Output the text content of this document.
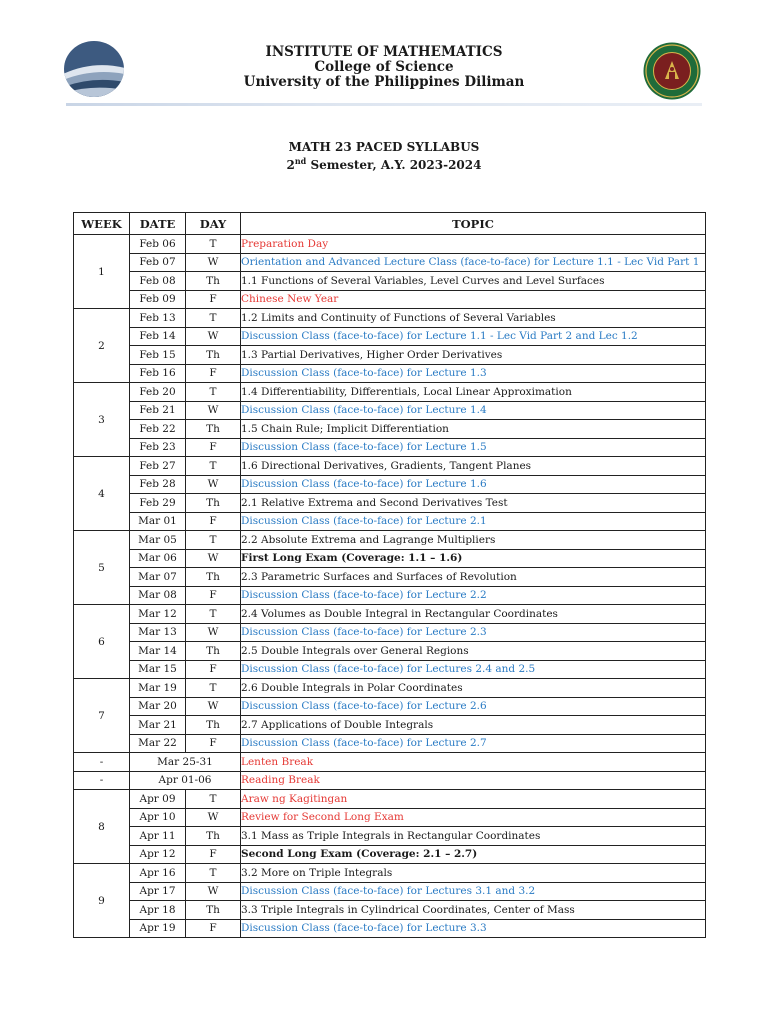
INSTITUTE OF MATHEMATICS
College of Science
University of the Philippines Diliman
MATH 23 PACED SYLLABUS
2nd Semester, A.Y. 2023-2024
WEEK	DATE	DAY	TOPIC
1	Feb 06	T	Preparation Day
	Feb 07	W	Orientation and Advanced Lecture Class (face-to-face) for Lecture 1.1 - Lec Vid Part 1
	Feb 08	Th	1.1 Functions of Several Variables, Level Curves and Level Surfaces
	Feb 09	F	Chinese New Year
2	Feb 13	T	1.2 Limits and Continuity of Functions of Several Variables
	Feb 14	W	Discussion Class (face-to-face) for Lecture 1.1 - Lec Vid Part 2 and Lec 1.2
	Feb 15	Th	1.3 Partial Derivatives, Higher Order Derivatives
	Feb 16	F	Discussion Class (face-to-face) for Lecture 1.3
3	Feb 20	T	1.4 Differentiability, Differentials, Local Linear Approximation
	Feb 21	W	Discussion Class (face-to-face) for Lecture 1.4
	Feb 22	Th	1.5 Chain Rule; Implicit Differentiation
	Feb 23	F	Discussion Class (face-to-face) for Lecture 1.5
4	Feb 27	T	1.6 Directional Derivatives, Gradients, Tangent Planes
	Feb 28	W	Discussion Class (face-to-face) for Lecture 1.6
	Feb 29	Th	2.1 Relative Extrema and Second Derivatives Test
	Mar 01	F	Discussion Class (face-to-face) for Lecture 2.1
5	Mar 05	T	2.2 Absolute Extrema and Lagrange Multipliers
	Mar 06	W	First Long Exam (Coverage: 1.1 – 1.6)
	Mar 07	Th	2.3 Parametric Surfaces and Surfaces of Revolution
	Mar 08	F	Discussion Class (face-to-face) for Lecture 2.2
6	Mar 12	T	2.4 Volumes as Double Integral in Rectangular Coordinates
	Mar 13	W	Discussion Class (face-to-face) for Lecture 2.3
	Mar 14	Th	2.5 Double Integrals over General Regions
	Mar 15	F	Discussion Class (face-to-face) for Lectures 2.4 and 2.5
7	Mar 19	T	2.6 Double Integrals in Polar Coordinates
	Mar 20	W	Discussion Class (face-to-face) for Lecture 2.6
	Mar 21	Th	2.7 Applications of Double Integrals
	Mar 22	F	Discussion Class (face-to-face) for Lecture 2.7
-	Mar 25-31		Lenten Break
-	Apr 01-06		Reading Break
8	Apr 09	T	Araw ng Kagitingan
	Apr 10	W	Review for Second Long Exam
	Apr 11	Th	3.1 Mass as Triple Integrals in Rectangular Coordinates
	Apr 12	F	Second Long Exam (Coverage: 2.1 – 2.7)
9	Apr 16	T	3.2 More on Triple Integrals
	Apr 17	W	Discussion Class (face-to-face) for Lectures 3.1 and 3.2
	Apr 18	Th	3.3 Triple Integrals in Cylindrical Coordinates, Center of Mass
	Apr 19	F	Discussion Class (face-to-face) for Lecture 3.3
